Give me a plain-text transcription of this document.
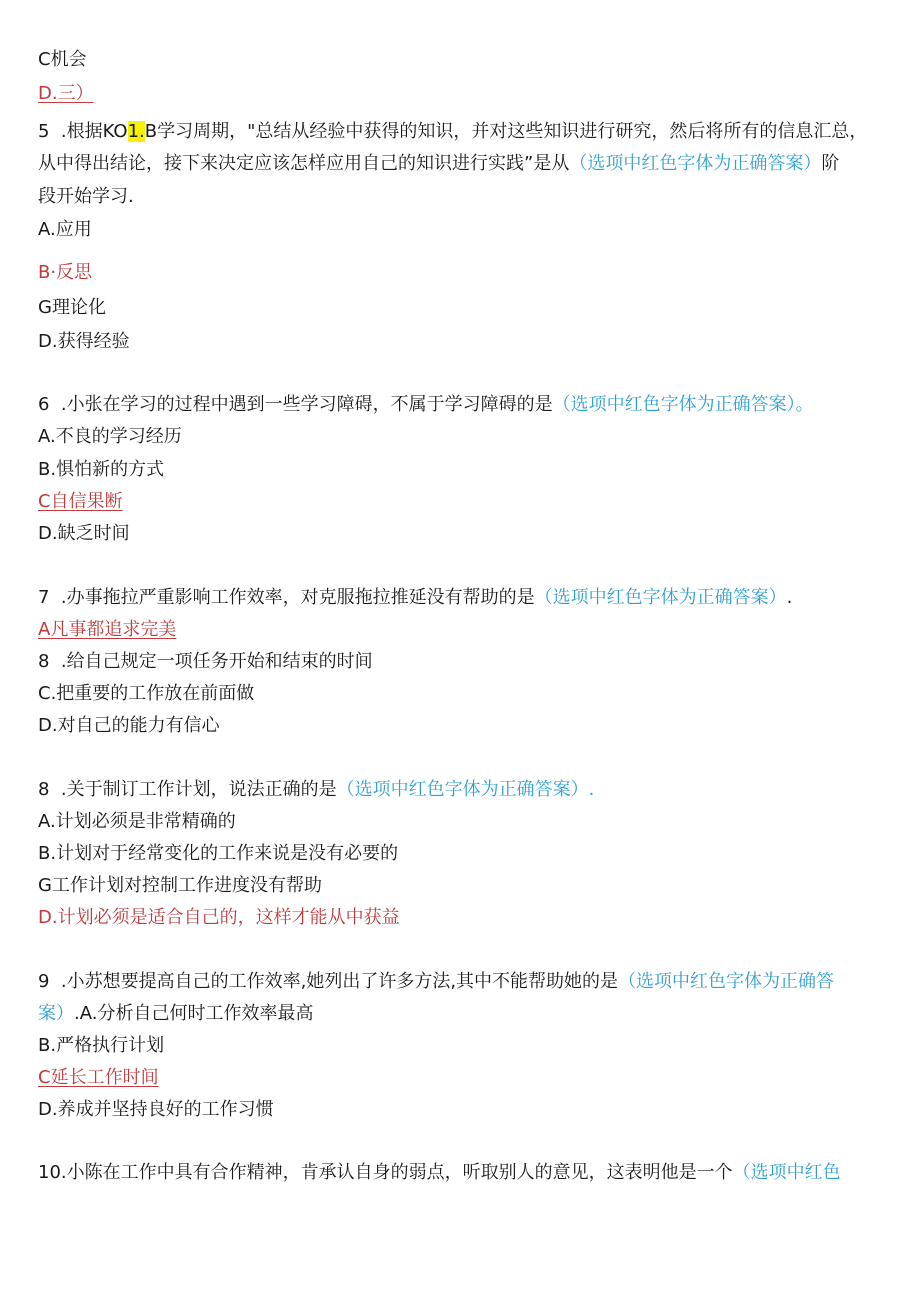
C机会
D.三）
5  .根据KO1.B学习周期，"总结从经验中获得的知识，并对这些知识进行研究，然后将所有的信息汇总，
从中得出结论，接下来决定应该怎样应用自己的知识进行实践”是从（选项中红色字体为正确答案）阶
段开始学习.
A.应用
B·反思
G理论化
D.获得经验
6  .小张在学习的过程中遇到一些学习障碍，不属于学习障碍的是（选项中红色字体为正确答案）。
A.不良的学习经历
B.惧怕新的方式
C自信果断
D.缺乏时间
7  .办事拖拉严重影响工作效率，对克服拖拉推延没有帮助的是（选项中红色字体为正确答案）.
A凡事都追求完美
8  .给自己规定一项任务开始和结束的时间
C.把重要的工作放在前面做
D.对自己的能力有信心
8  .关于制订工作计划，说法正确的是（选项中红色字体为正确答案）.
A.计划必须是非常精确的
B.计划对于经常变化的工作来说是没有必要的
G工作计划对控制工作进度没有帮助
D.计划必须是适合自己的，这样才能从中获益
9  .小苏想要提高自己的工作效率,她列出了许多方法,其中不能帮助她的是（选项中红色字体为正确答
案）.A.分析自己何时工作效率最高
B.严格执行计划
C延长工作时间
D.养成并坚持良好的工作习惯
10.小陈在工作中具有合作精神，肯承认自身的弱点，听取别人的意见，这表明他是一个（选项中红色
